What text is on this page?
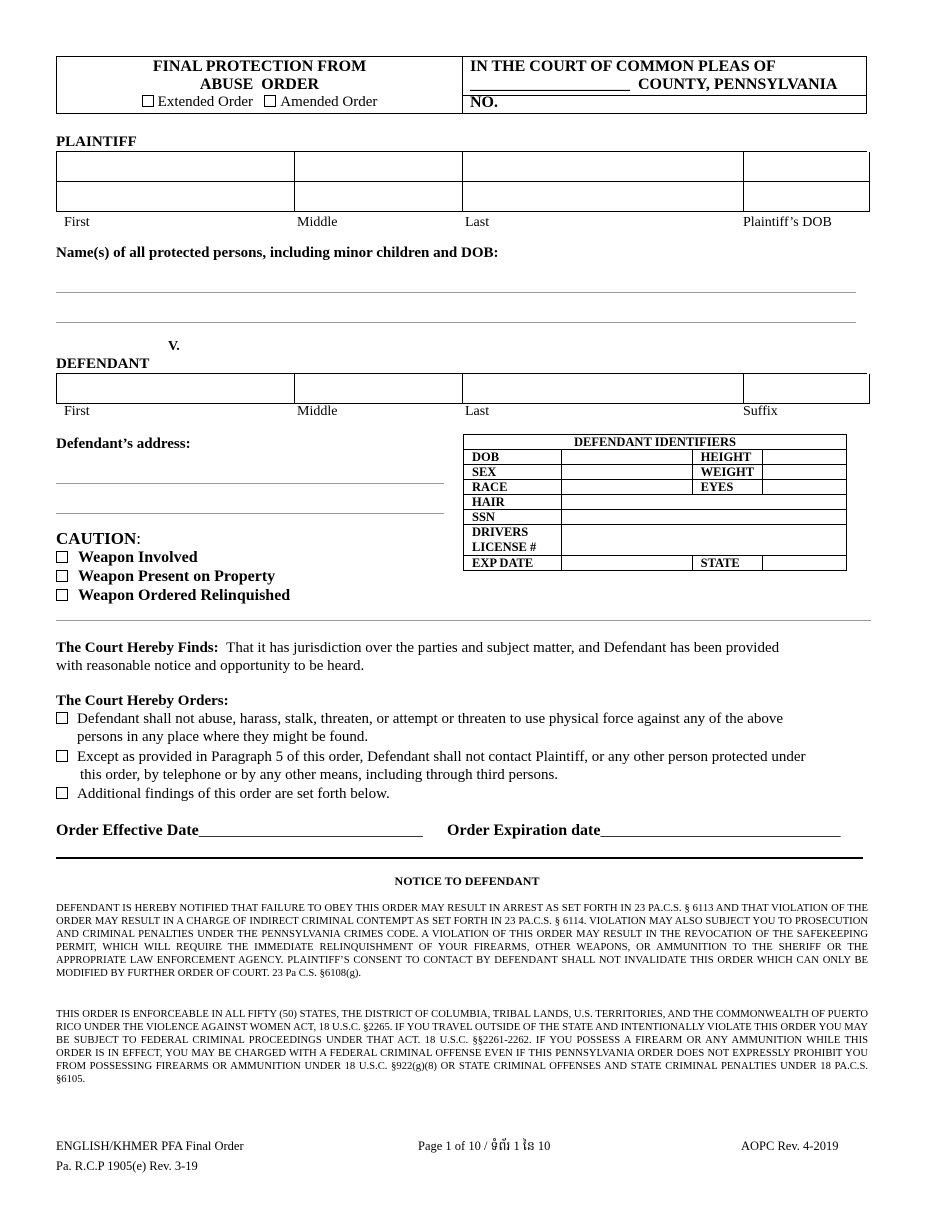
FINAL PROTECTION FROM
ABUSE  ORDER
Extended Order Amended Order
IN THE COURT OF COMMON PLEAS OF
____________________  COUNTY, PENNSYLVANIA
NO.
PLAINTIFF
First	Middle	Last	Plaintiff’s DOB
Name(s) of all protected persons, including minor children and DOB:
V.
DEFENDANT
First	Middle	Last	Suffix
Defendant’s address:	DEFENDANT IDENTIFIERS			
DOB		HEIGHT	
SEX		WEIGHT	
RACE		EYES	
HAIR			
SSN			
DRIVERS
LICENSE #			
EXP DATE		STATE	
CAUTION:
Weapon Involved
Weapon Present on Property
Weapon Ordered Relinquished
The Court Hereby Finds: That it has jurisdiction over the parties and subject matter, and Defendant has been provided
with reasonable notice and opportunity to be heard.
The Court Hereby Orders:
Defendant shall not abuse, harass, stalk, threaten, or attempt or threaten to use physical force against any of the above
persons in any place where they might be found.
Except as provided in Paragraph 5 of this order, Defendant shall not contact Plaintiff, or any other person protected under
this order, by telephone or by any other means, including through third persons.
Additional findings of this order are set forth below.
Order Effective Date____________________________ Order Expiration date______________________________
NOTICE TO DEFENDANT
DEFENDANT IS HEREBY NOTIFIED THAT FAILURE TO OBEY THIS ORDER MAY RESULT IN ARREST AS SET FORTH IN 23 PA.C.S. § 6113 AND THAT VIOLATION OF THE ORDER MAY RESULT IN A CHARGE OF INDIRECT CRIMINAL CONTEMPT AS SET FORTH IN 23 PA.C.S. § 6114. VIOLATION MAY ALSO SUBJECT YOU TO PROSECUTION AND CRIMINAL PENALTIES UNDER THE PENNSYLVANIA CRIMES CODE. A VIOLATION OF THIS ORDER MAY RESULT IN THE REVOCATION OF THE SAFEKEEPING PERMIT, WHICH WILL REQUIRE THE IMMEDIATE RELINQUISHMENT OF YOUR FIREARMS, OTHER WEAPONS, OR AMMUNITION TO THE SHERIFF OR THE APPROPRIATE LAW ENFORCEMENT AGENCY. PLAINTIFF’S CONSENT TO CONTACT BY DEFENDANT SHALL NOT INVALIDATE THIS ORDER WHICH CAN ONLY BE MODIFIED BY FURTHER ORDER OF COURT. 23 Pa C.S. §6108(g).
THIS ORDER IS ENFORCEABLE IN ALL FIFTY (50) STATES, THE DISTRICT OF COLUMBIA, TRIBAL LANDS, U.S. TERRITORIES, AND THE COMMONWEALTH OF PUERTO RICO UNDER THE VIOLENCE AGAINST WOMEN ACT, 18 U.S.C. §2265. IF YOU TRAVEL OUTSIDE OF THE STATE AND INTENTIONALLY VIOLATE THIS ORDER YOU MAY BE SUBJECT TO FEDERAL CRIMINAL PROCEEDINGS UNDER THAT ACT. 18 U.S.C. §§2261-2262. IF YOU POSSESS A FIREARM OR ANY AMMUNITION WHILE THIS ORDER IS IN EFFECT, YOU MAY BE CHARGED WITH A FEDERAL CRIMINAL OFFENSE EVEN IF THIS PENNSYLVANIA ORDER DOES NOT EXPRESSLY PROHIBIT YOU FROM POSSESSING FIREARMS OR AMMUNITION UNDER 18 U.S.C. §922(g)(8) OR STATE CRIMINAL OFFENSES AND STATE CRIMINAL PENALTIES UNDER 18 PA.C.S. §6105.
ENGLISH/KHMER PFA Final Order
Pa. R.C.P 1905(e) Rev. 3-19
Page 1 of 10 / ទំព័រ 1 នៃ 10	AOPC Rev. 4-2019
